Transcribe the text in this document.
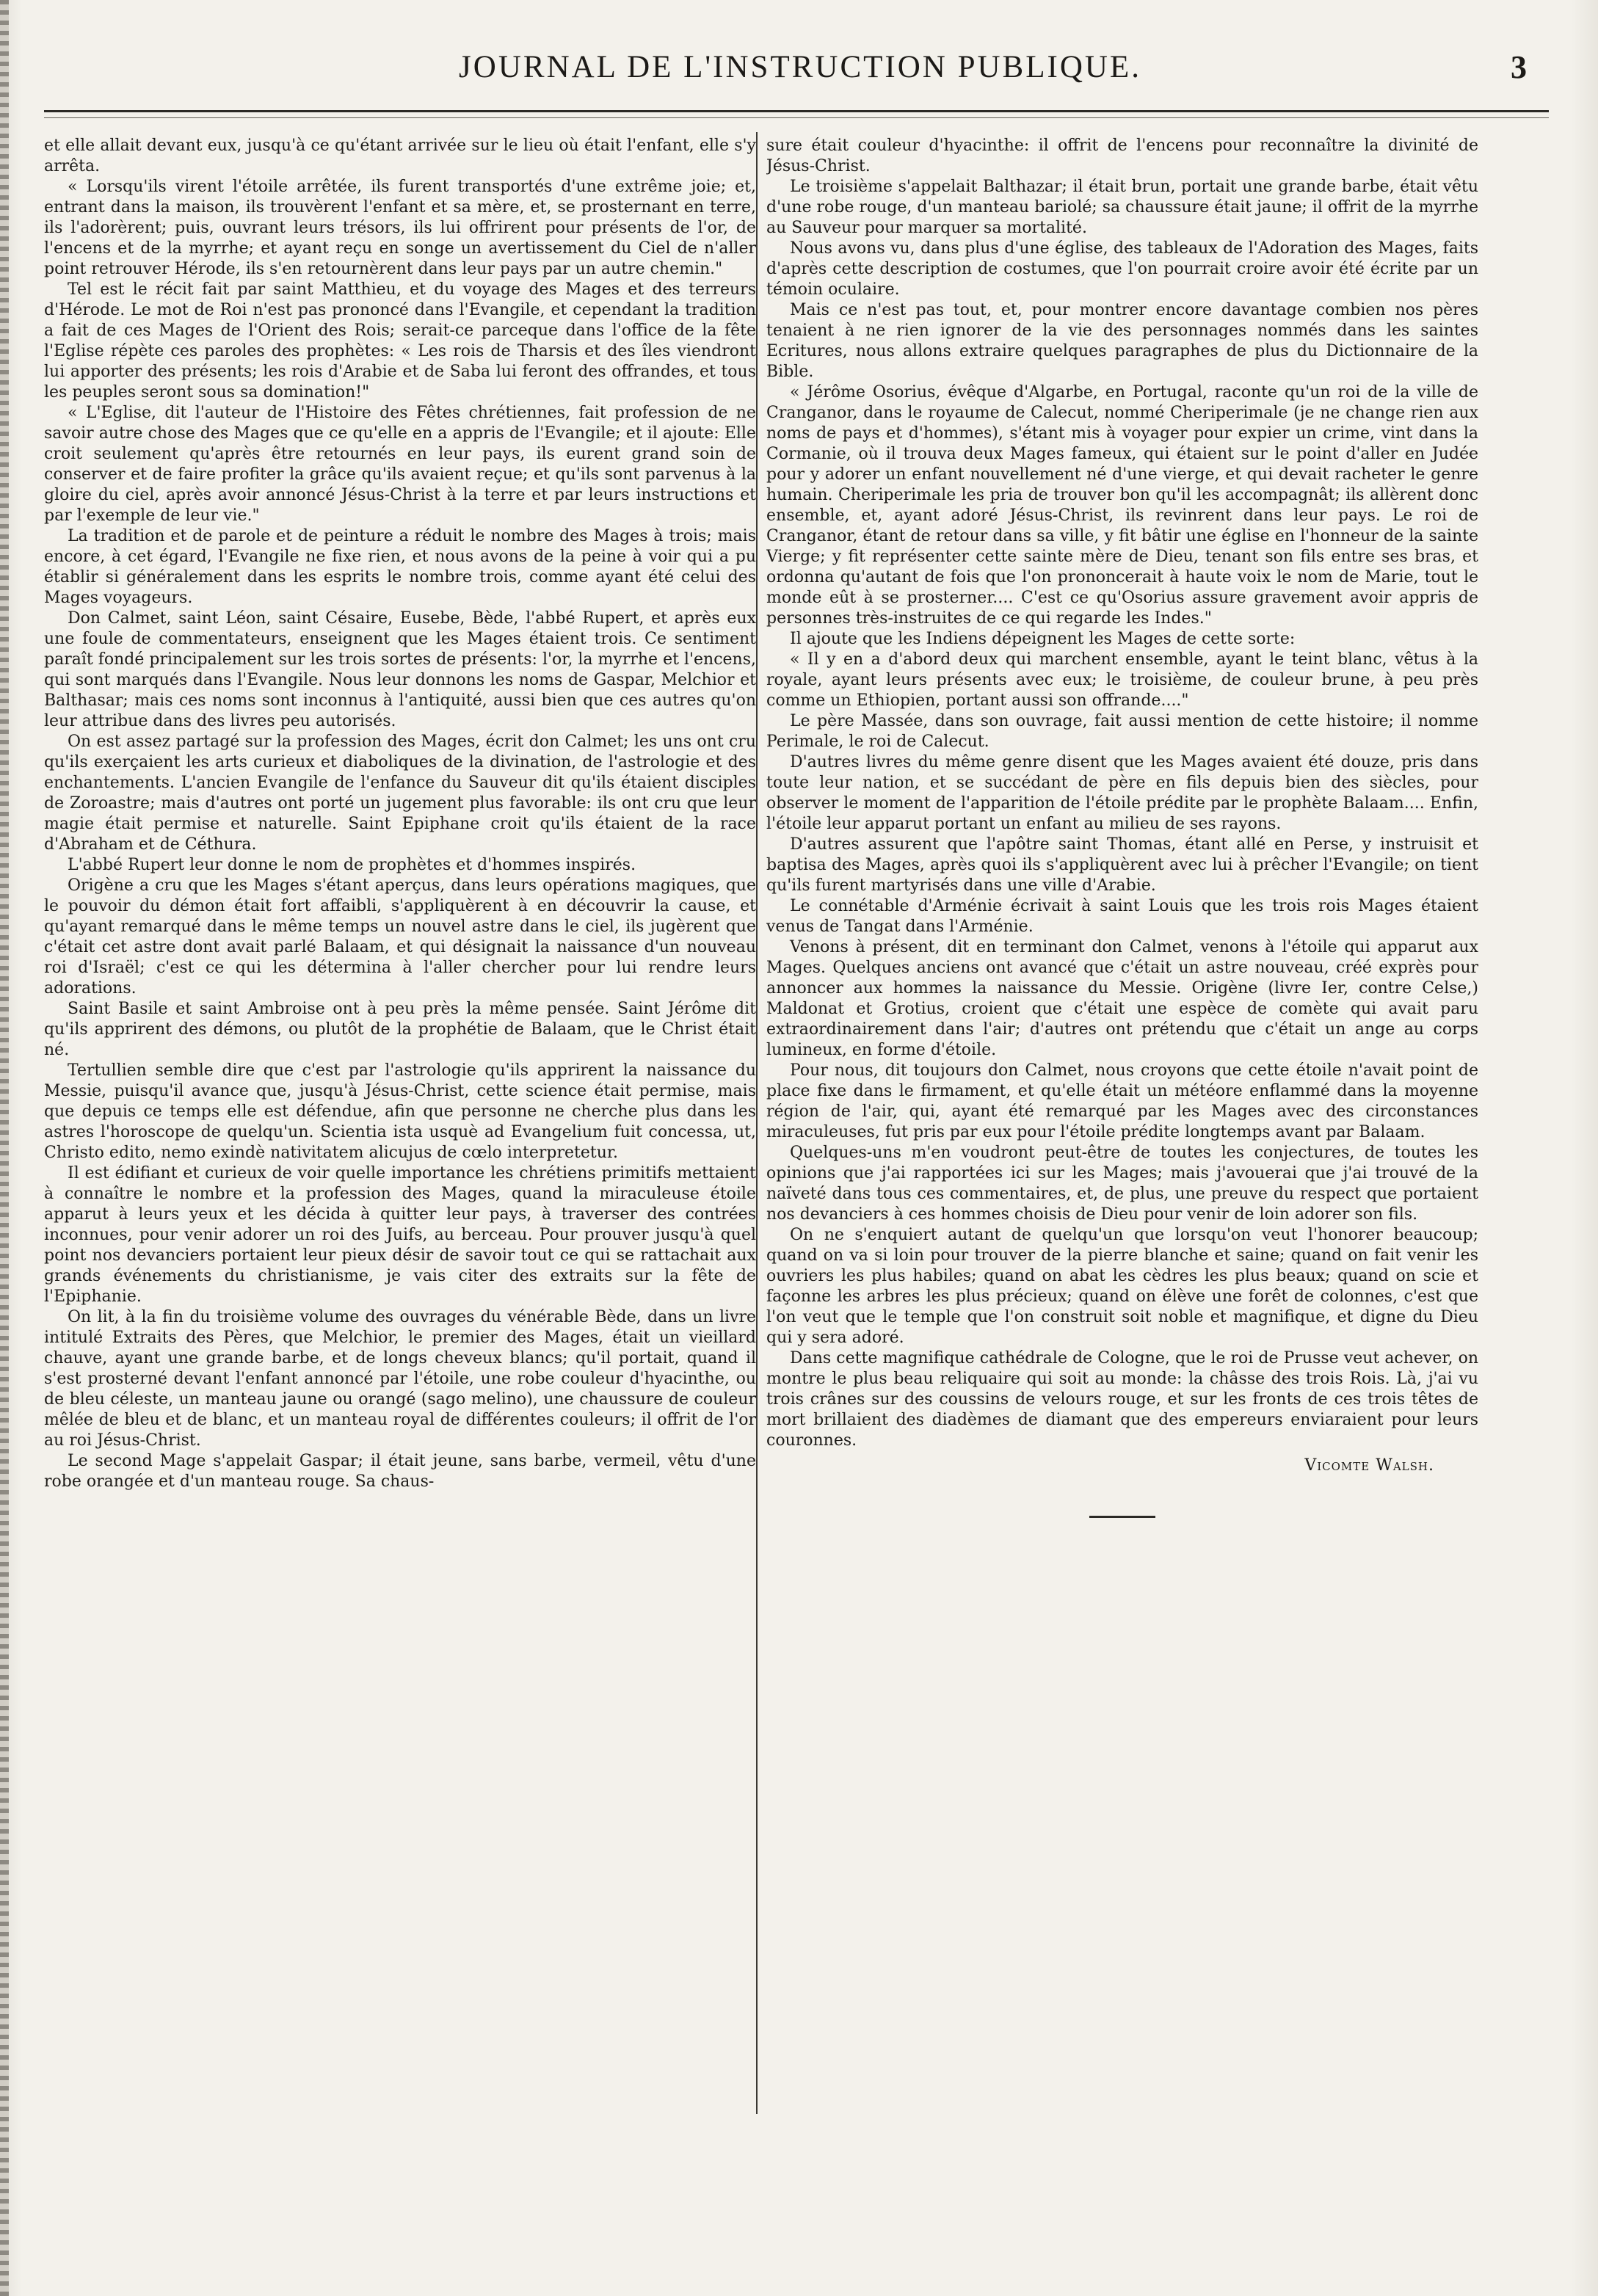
JOURNAL DE L'INSTRUCTION PUBLIQUE.	3

et elle allait devant eux, jusqu'à ce qu'étant arrivée sur le lieu où était l'enfant, elle s'y arrêta.

« Lorsqu'ils virent l'étoile arrêtée, ils furent transportés d'une extrême joie; et, entrant dans la maison, ils trouvèrent l'enfant et sa mère, et, se prosternant en terre, ils l'adorèrent; puis, ouvrant leurs trésors, ils lui offrirent pour présents de l'or, de l'encens et de la myrrhe; et ayant reçu en songe un avertissement du Ciel de n'aller point retrouver Hérode, ils s'en retournèrent dans leur pays par un autre chemin."

Tel est le récit fait par saint Matthieu, et du voyage des Mages et des terreurs d'Hérode. Le mot de Roi n'est pas prononcé dans l'Evangile, et cependant la tradition a fait de ces Mages de l'Orient des Rois; serait-ce parceque dans l'office de la fête l'Eglise répète ces paroles des prophètes: « Les rois de Tharsis et des îles viendront lui apporter des présents; les rois d'Arabie et de Saba lui feront des offrandes, et tous les peuples seront sous sa domination!"

« L'Eglise, dit l'auteur de l'Histoire des Fêtes chrétiennes, fait profession de ne savoir autre chose des Mages que ce qu'elle en a appris de l'Evangile; et il ajoute: Elle croit seulement qu'après être retournés en leur pays, ils eurent grand soin de conserver et de faire profiter la grâce qu'ils avaient reçue; et qu'ils sont parvenus à la gloire du ciel, après avoir annoncé Jésus-Christ à la terre et par leurs instructions et par l'exemple de leur vie."

La tradition et de parole et de peinture a réduit le nombre des Mages à trois; mais encore, à cet égard, l'Evangile ne fixe rien, et nous avons de la peine à voir qui a pu établir si généralement dans les esprits le nombre trois, comme ayant été celui des Mages voyageurs.

Don Calmet, saint Léon, saint Césaire, Eusebe, Bède, l'abbé Rupert, et après eux une foule de commentateurs, enseignent que les Mages étaient trois. Ce sentiment paraît fondé principalement sur les trois sortes de présents: l'or, la myrrhe et l'encens, qui sont marqués dans l'Evangile. Nous leur donnons les noms de Gaspar, Melchior et Balthasar; mais ces noms sont inconnus à l'antiquité, aussi bien que ces autres qu'on leur attribue dans des livres peu autorisés.

On est assez partagé sur la profession des Mages, écrit don Calmet; les uns ont cru qu'ils exerçaient les arts curieux et diaboliques de la divination, de l'astrologie et des enchantements. L'ancien Evangile de l'enfance du Sauveur dit qu'ils étaient disciples de Zoroastre; mais d'autres ont porté un jugement plus favorable: ils ont cru que leur magie était permise et naturelle. Saint Epiphane croit qu'ils étaient de la race d'Abraham et de Céthura.

L'abbé Rupert leur donne le nom de prophètes et d'hommes inspirés.

Origène a cru que les Mages s'étant aperçus, dans leurs opérations magiques, que le pouvoir du démon était fort affaibli, s'appliquèrent à en découvrir la cause, et qu'ayant remarqué dans le même temps un nouvel astre dans le ciel, ils jugèrent que c'était cet astre dont avait parlé Balaam, et qui désignait la naissance d'un nouveau roi d'Israël; c'est ce qui les détermina à l'aller chercher pour lui rendre leurs adorations.

Saint Basile et saint Ambroise ont à peu près la même pensée. Saint Jérôme dit qu'ils apprirent des démons, ou plutôt de la prophétie de Balaam, que le Christ était né.

Tertullien semble dire que c'est par l'astrologie qu'ils apprirent la naissance du Messie, puisqu'il avance que, jusqu'à Jésus-Christ, cette science était permise, mais que depuis ce temps elle est défendue, afin que personne ne cherche plus dans les astres l'horoscope de quelqu'un. Scientia ista usquè ad Evangelium fuit concessa, ut, Christo edito, nemo exindè nativitatem alicujus de cœlo interpretetur.

Il est édifiant et curieux de voir quelle importance les chrétiens primitifs mettaient à connaître le nombre et la profession des Mages, quand la miraculeuse étoile apparut à leurs yeux et les décida à quitter leur pays, à traverser des contrées inconnues, pour venir adorer un roi des Juifs, au berceau. Pour prouver jusqu'à quel point nos devanciers portaient leur pieux désir de savoir tout ce qui se rattachait aux grands événements du christianisme, je vais citer des extraits sur la fête de l'Epiphanie.

On lit, à la fin du troisième volume des ouvrages du vénérable Bède, dans un livre intitulé Extraits des Pères, que Melchior, le premier des Mages, était un vieillard chauve, ayant une grande barbe, et de longs cheveux blancs; qu'il portait, quand il s'est prosterné devant l'enfant annoncé par l'étoile, une robe couleur d'hyacinthe, ou de bleu céleste, un manteau jaune ou orangé (sago melino), une chaussure de couleur mêlée de bleu et de blanc, et un manteau royal de différentes couleurs; il offrit de l'or au roi Jésus-Christ.

Le second Mage s'appelait Gaspar; il était jeune, sans barbe, vermeil, vêtu d'une robe orangée et d'un manteau rouge. Sa chaus-

sure était couleur d'hyacinthe: il offrit de l'encens pour reconnaître la divinité de Jésus-Christ.

Le troisième s'appelait Balthazar; il était brun, portait une grande barbe, était vêtu d'une robe rouge, d'un manteau bariolé; sa chaussure était jaune; il offrit de la myrrhe au Sauveur pour marquer sa mortalité.

Nous avons vu, dans plus d'une église, des tableaux de l'Adoration des Mages, faits d'après cette description de costumes, que l'on pourrait croire avoir été écrite par un témoin oculaire.

Mais ce n'est pas tout, et, pour montrer encore davantage combien nos pères tenaient à ne rien ignorer de la vie des personnages nommés dans les saintes Ecritures, nous allons extraire quelques paragraphes de plus du Dictionnaire de la Bible.

« Jérôme Osorius, évêque d'Algarbe, en Portugal, raconte qu'un roi de la ville de Cranganor, dans le royaume de Calecut, nommé Cheriperimale (je ne change rien aux noms de pays et d'hommes), s'étant mis à voyager pour expier un crime, vint dans la Cormanie, où il trouva deux Mages fameux, qui étaient sur le point d'aller en Judée pour y adorer un enfant nouvellement né d'une vierge, et qui devait racheter le genre humain. Cheriperimale les pria de trouver bon qu'il les accompagnât; ils allèrent donc ensemble, et, ayant adoré Jésus-Christ, ils revinrent dans leur pays. Le roi de Cranganor, étant de retour dans sa ville, y fit bâtir une église en l'honneur de la sainte Vierge; y fit représenter cette sainte mère de Dieu, tenant son fils entre ses bras, et ordonna qu'autant de fois que l'on prononcerait à haute voix le nom de Marie, tout le monde eût à se prosterner.... C'est ce qu'Osorius assure gravement avoir appris de personnes très-instruites de ce qui regarde les Indes."

Il ajoute que les Indiens dépeignent les Mages de cette sorte:

« Il y en a d'abord deux qui marchent ensemble, ayant le teint blanc, vêtus à la royale, ayant leurs présents avec eux; le troisième, de couleur brune, à peu près comme un Ethiopien, portant aussi son offrande...."

Le père Massée, dans son ouvrage, fait aussi mention de cette histoire; il nomme Perimale, le roi de Calecut.

D'autres livres du même genre disent que les Mages avaient été douze, pris dans toute leur nation, et se succédant de père en fils depuis bien des siècles, pour observer le moment de l'apparition de l'étoile prédite par le prophète Balaam.... Enfin, l'étoile leur apparut portant un enfant au milieu de ses rayons.

D'autres assurent que l'apôtre saint Thomas, étant allé en Perse, y instruisit et baptisa des Mages, après quoi ils s'appliquèrent avec lui à prêcher l'Evangile; on tient qu'ils furent martyrisés dans une ville d'Arabie.

Le connétable d'Arménie écrivait à saint Louis que les trois rois Mages étaient venus de Tangat dans l'Arménie.

Venons à présent, dit en terminant don Calmet, venons à l'étoile qui apparut aux Mages. Quelques anciens ont avancé que c'était un astre nouveau, créé exprès pour annoncer aux hommes la naissance du Messie. Origène (livre Ier, contre Celse,) Maldonat et Grotius, croient que c'était une espèce de comète qui avait paru extraordinairement dans l'air; d'autres ont prétendu que c'était un ange au corps lumineux, en forme d'étoile.

Pour nous, dit toujours don Calmet, nous croyons que cette étoile n'avait point de place fixe dans le firmament, et qu'elle était un météore enflammé dans la moyenne région de l'air, qui, ayant été remarqué par les Mages avec des circonstances miraculeuses, fut pris par eux pour l'étoile prédite longtemps avant par Balaam.

Quelques-uns m'en voudront peut-être de toutes les conjectures, de toutes les opinions que j'ai rapportées ici sur les Mages; mais j'avouerai que j'ai trouvé de la naïveté dans tous ces commentaires, et, de plus, une preuve du respect que portaient nos devanciers à ces hommes choisis de Dieu pour venir de loin adorer son fils.

On ne s'enquiert autant de quelqu'un que lorsqu'on veut l'honorer beaucoup; quand on va si loin pour trouver de la pierre blanche et saine; quand on fait venir les ouvriers les plus habiles; quand on abat les cèdres les plus beaux; quand on scie et façonne les arbres les plus précieux; quand on élève une forêt de colonnes, c'est que l'on veut que le temple que l'on construit soit noble et magnifique, et digne du Dieu qui y sera adoré.

Dans cette magnifique cathédrale de Cologne, que le roi de Prusse veut achever, on montre le plus beau reliquaire qui soit au monde: la châsse des trois Rois. Là, j'ai vu trois crânes sur des coussins de velours rouge, et sur les fronts de ces trois têtes de mort brillaient des diadèmes de diamant que des empereurs enviaraient pour leurs couronnes.

Vicomte Walsh.
